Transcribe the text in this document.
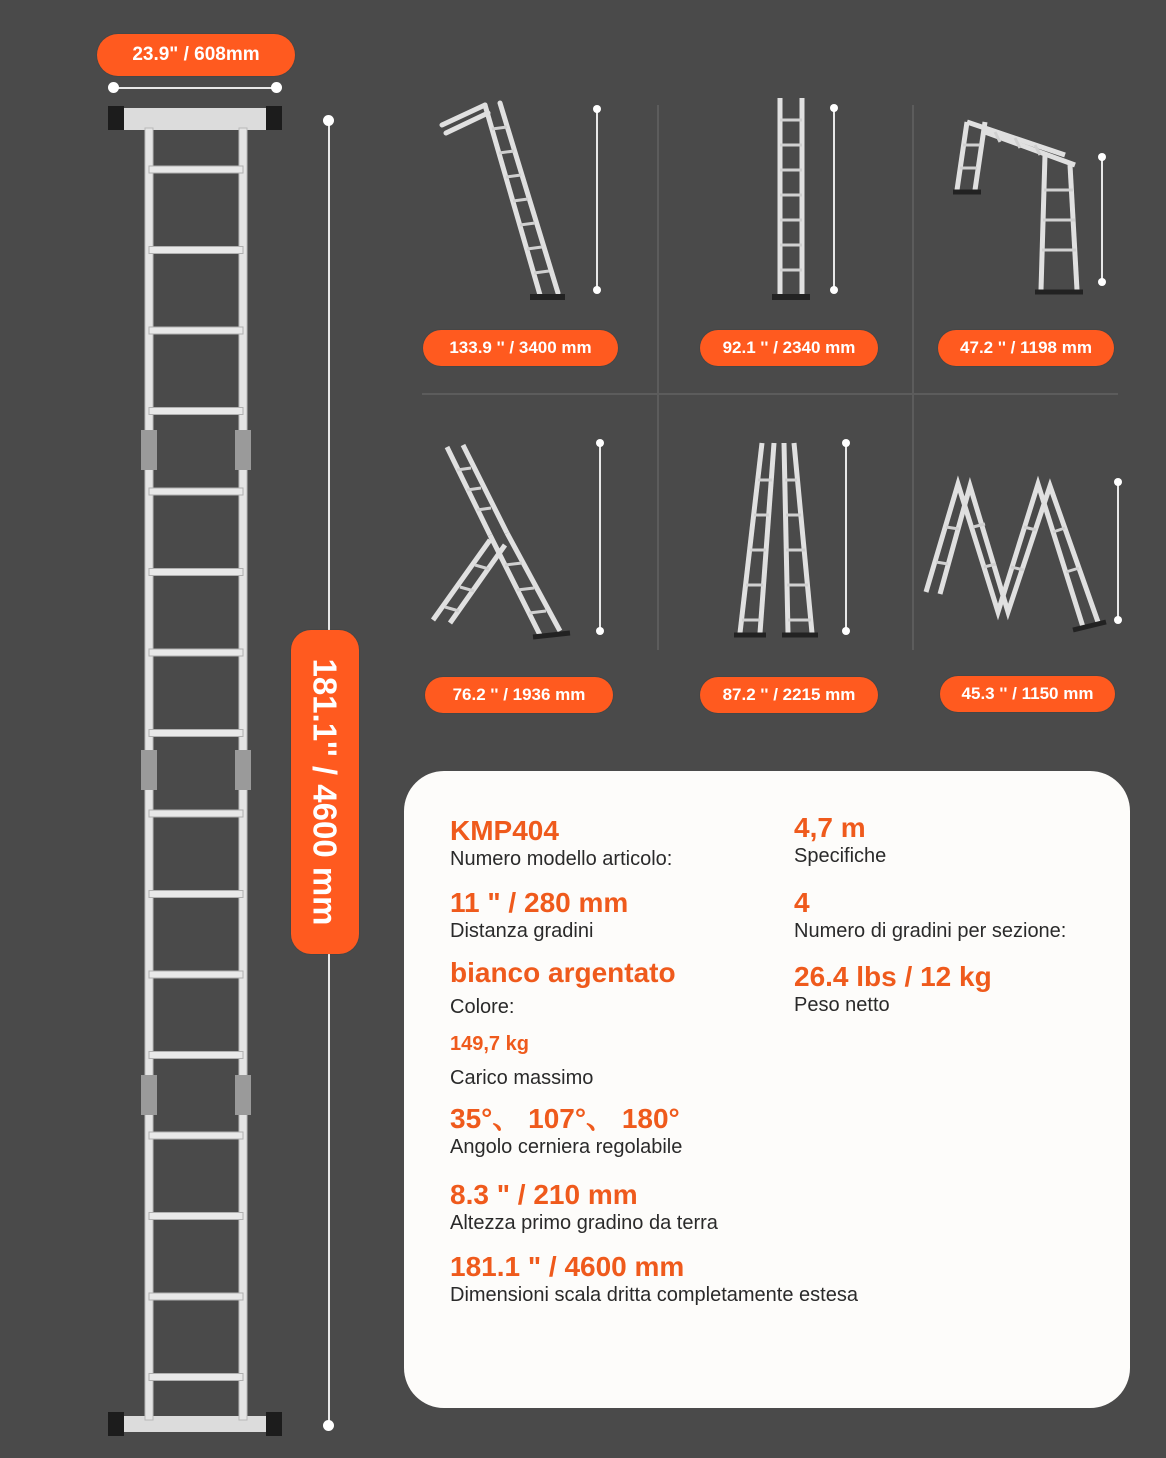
23.9" / 608mm
181.1'' / 4600 mm
133.9 '' / 3400 mm	92.1 '' / 2340 mm	47.2 '' / 1198 mm
76.2 '' / 1936 mm	87.2 '' / 2215 mm	45.3 '' / 1150 mm
KMP404
Numero modello articolo:
4,7 m
Specifiche
11 " / 280 mm
Distanza gradini
4
Numero di gradini per sezione:
bianco argentato
Colore:
26.4 lbs / 12 kg
Peso netto
149,7 kg
Carico massimo
35°、 107°、 180°
Angolo cerniera regolabile
8.3 " / 210 mm
Altezza primo gradino da terra
181.1 " / 4600 mm
Dimensioni scala dritta completamente estesa
